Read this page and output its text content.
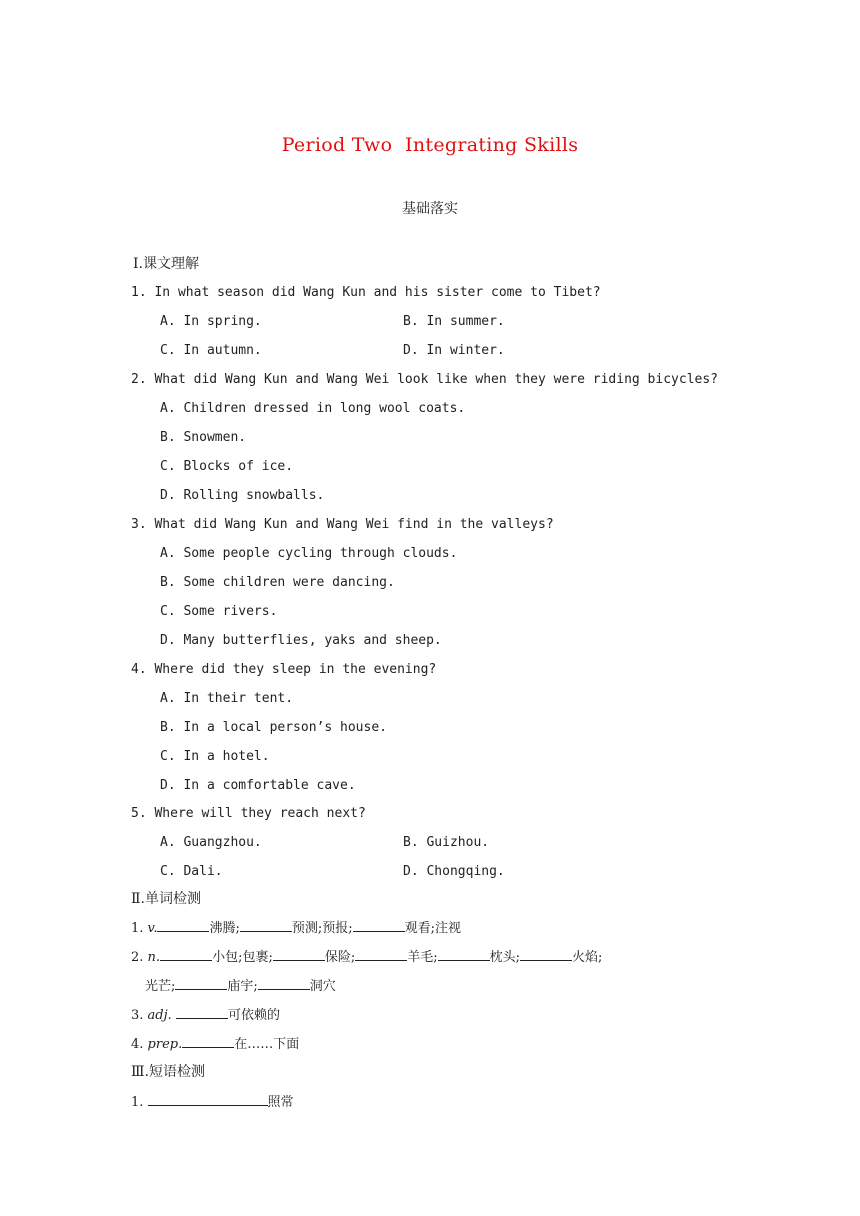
Period Two  Integrating Skills
基础落实
Ⅰ.课文理解
1. In what season did Wang Kun and his sister come to Tibet?
A. In spring.	B. In summer.
C. In autumn.	D. In winter.
2. What did Wang Kun and Wang Wei look like when they were riding bicycles?
A. Children dressed in long wool coats.
B. Snowmen.
C. Blocks of ice.
D. Rolling snowballs.
3. What did Wang Kun and Wang Wei find in the valleys?
A. Some people cycling through clouds.
B. Some children were dancing.
C. Some rivers.
D. Many butterflies, yaks and sheep.
4. Where did they sleep in the evening?
A. In their tent.
B. In a local person’s house.
C. In a hotel.
D. In a comfortable cave.
5. Where will they reach next?
A. Guangzhou.	B. Guizhou.
C. Dali.	D. Chongqing.
Ⅱ.单词检测
1. v.	沸腾;	预测;预报;	观看;注视
2. n.	小包;包裹;	保险;	羊毛;	枕头;	火焰;
光芒;	庙宇;	洞穴
3. adj.	可依赖的
4. prep.	在……下面
Ⅲ.短语检测
1.	照常
